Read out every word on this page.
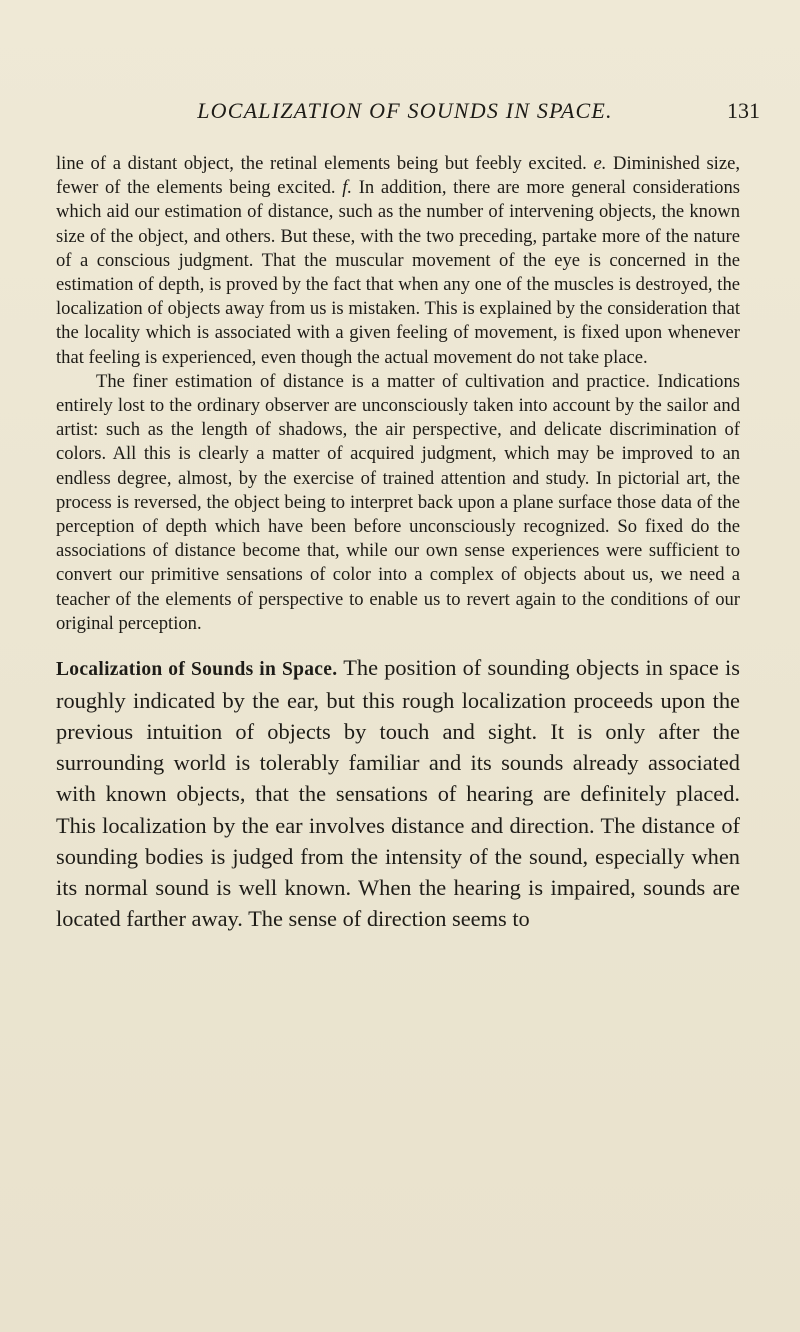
LOCALIZATION OF SOUNDS IN SPACE.	131

line of a distant object, the retinal elements being but feebly excited. e. Diminished size, fewer of the elements being excited. f. In addition, there are more general considerations which aid our estimation of distance, such as the number of intervening objects, the known size of the object, and others. But these, with the two preceding, partake more of the nature of a conscious judgment. That the muscular movement of the eye is concerned in the estimation of depth, is proved by the fact that when any one of the muscles is destroyed, the localization of objects away from us is mistaken. This is explained by the consideration that the locality which is associated with a given feeling of movement, is fixed upon whenever that feeling is experienced, even though the actual movement do not take place.

The finer estimation of distance is a matter of cultivation and practice. Indications entirely lost to the ordinary observer are unconsciously taken into account by the sailor and artist: such as the length of shadows, the air perspective, and delicate discrimination of colors. All this is clearly a matter of acquired judgment, which may be improved to an endless degree, almost, by the exercise of trained attention and study. In pictorial art, the process is reversed, the object being to interpret back upon a plane surface those data of the perception of depth which have been before unconsciously recognized. So fixed do the associations of distance become that, while our own sense experiences were sufficient to convert our primitive sensations of color into a complex of objects about us, we need a teacher of the elements of perspective to enable us to revert again to the conditions of our original perception.

Localization of Sounds in Space. The position of sounding objects in space is roughly indicated by the ear, but this rough localization proceeds upon the previous intuition of objects by touch and sight. It is only after the surrounding world is tolerably familiar and its sounds already associated with known objects, that the sensations of hearing are definitely placed. This localization by the ear involves distance and direction. The distance of sounding bodies is judged from the intensity of the sound, especially when its normal sound is well known. When the hearing is impaired, sounds are located farther away. The sense of direction seems to
